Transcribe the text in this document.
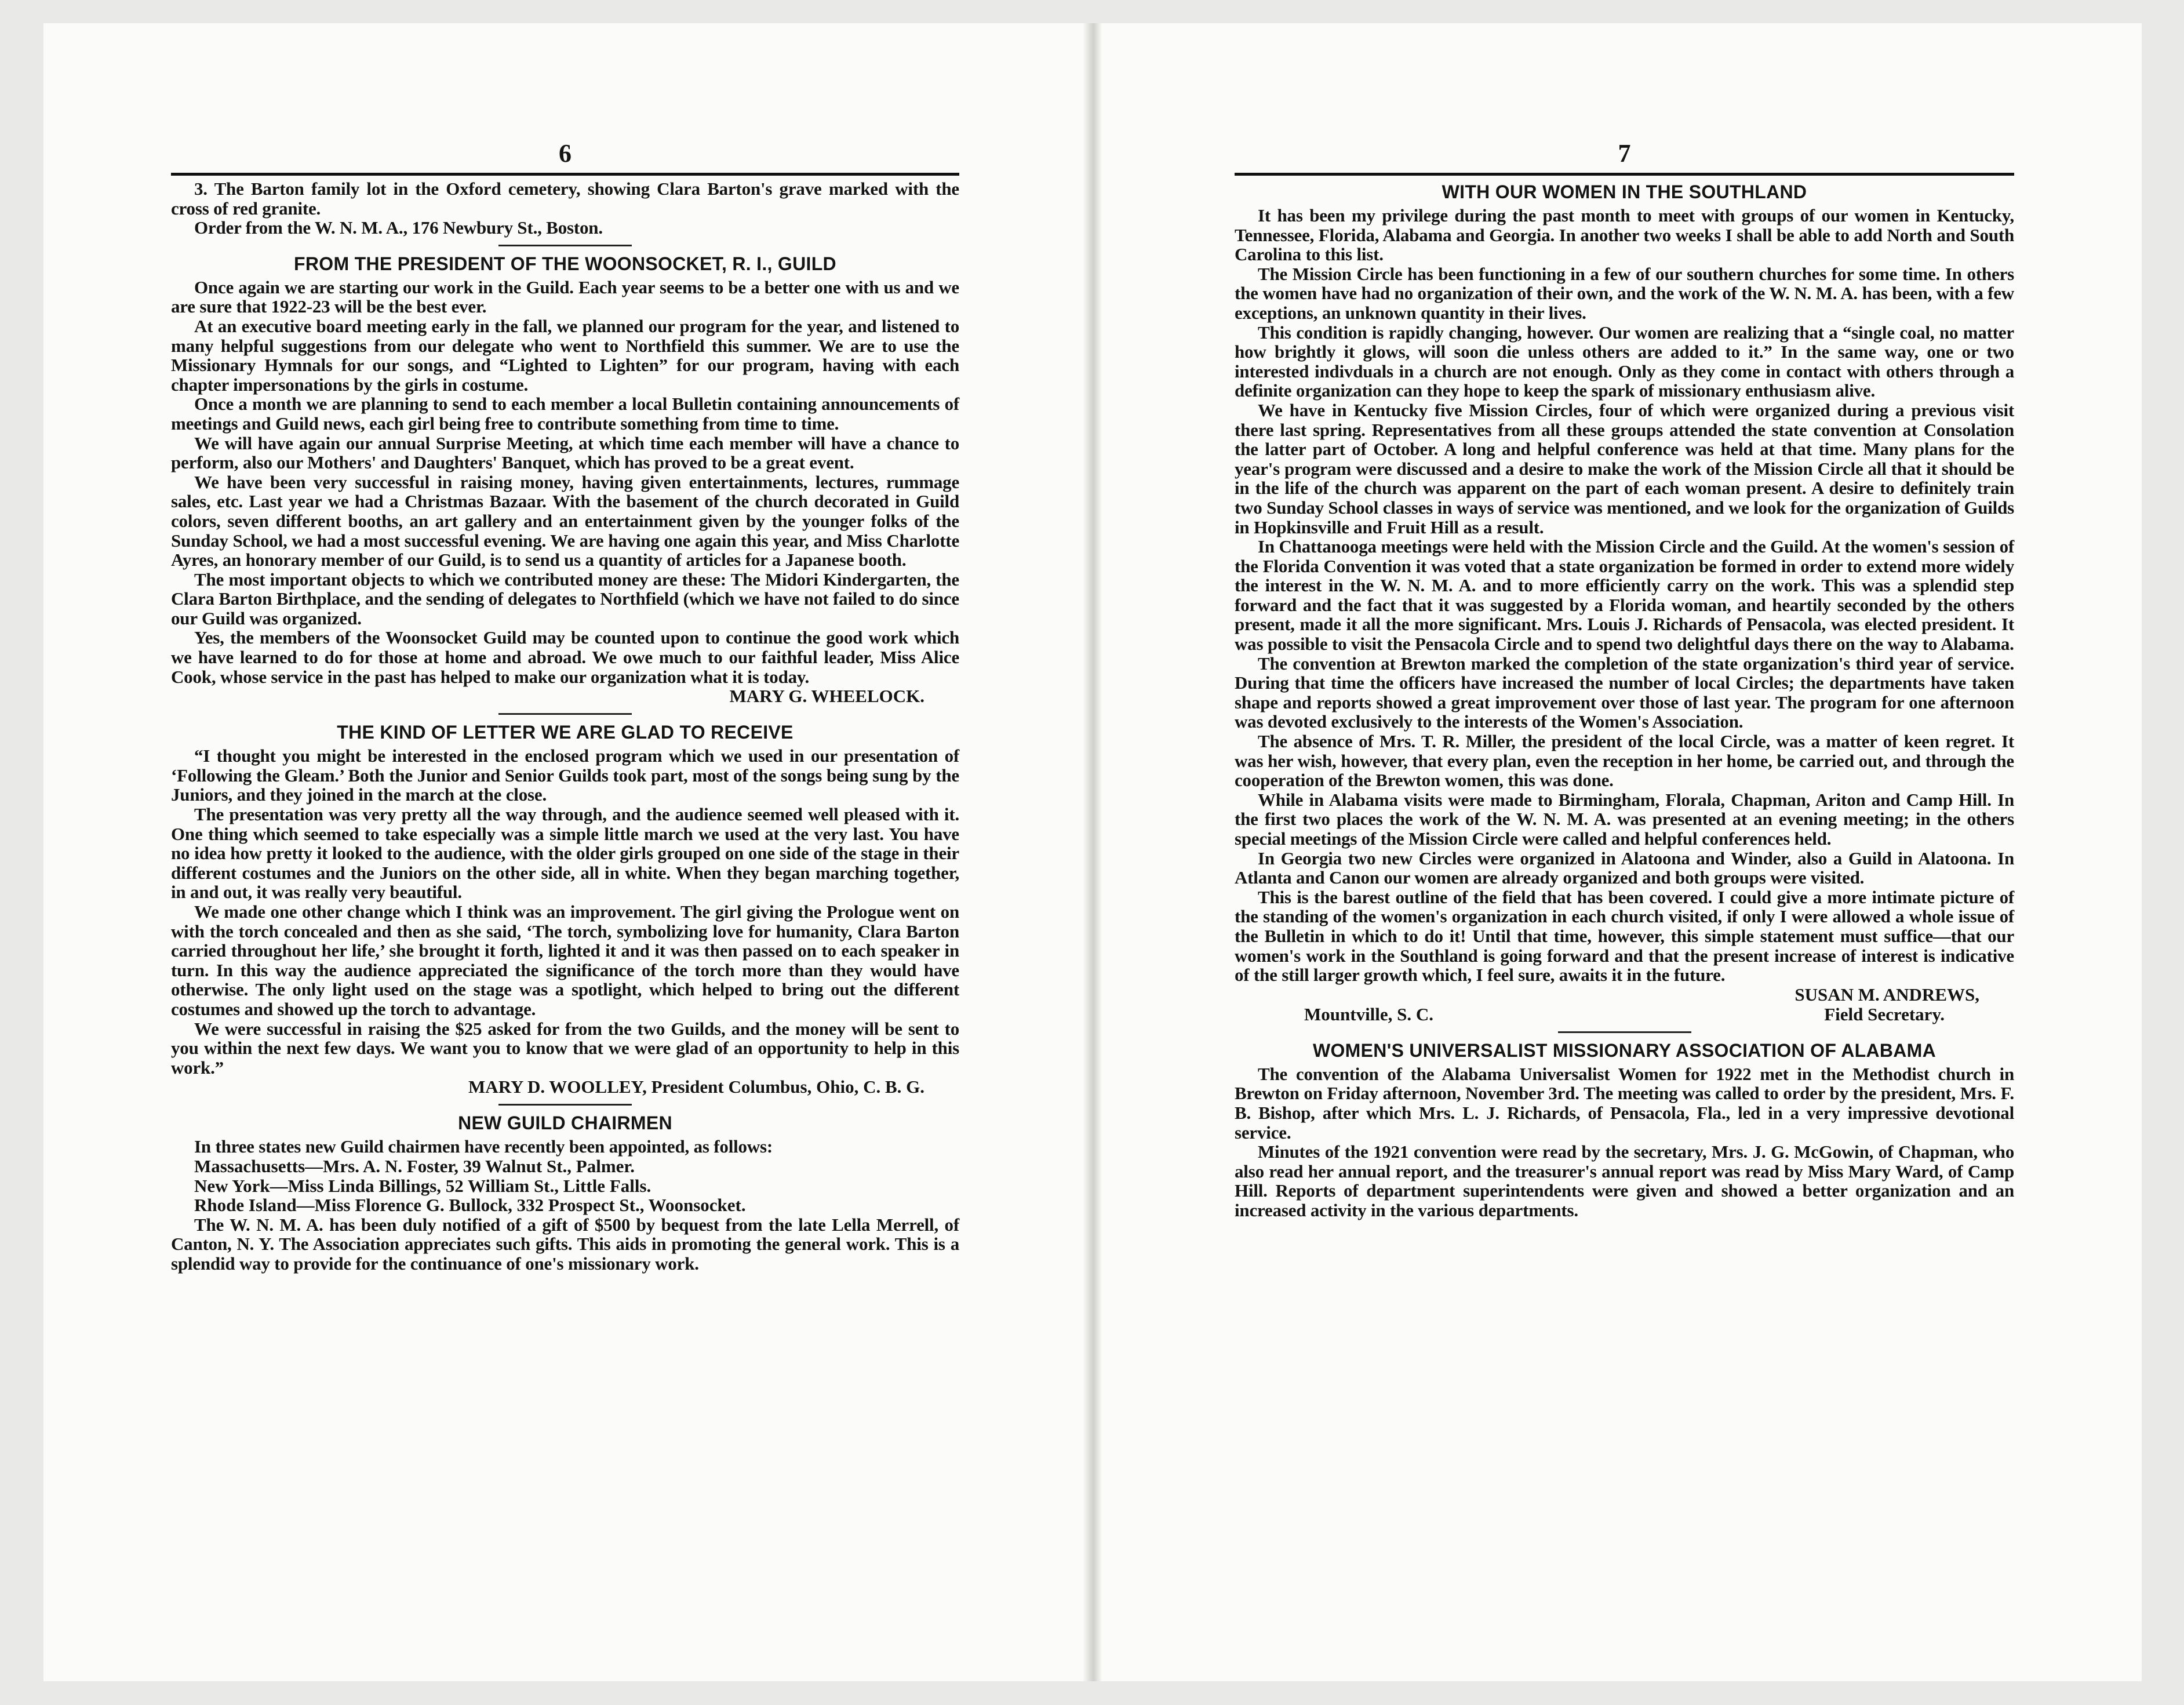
6

3. The Barton family lot in the Oxford cemetery, showing Clara Barton's grave marked with the cross of red granite.

Order from the W. N. M. A., 176 Newbury St., Boston.

FROM THE PRESIDENT OF THE WOONSOCKET, R. I., GUILD

Once again we are starting our work in the Guild. Each year seems to be a better one with us and we are sure that 1922-23 will be the best ever.

At an executive board meeting early in the fall, we planned our program for the year, and listened to many helpful suggestions from our delegate who went to Northfield this summer. We are to use the Missionary Hymnals for our songs, and “Lighted to Lighten” for our program, having with each chapter impersonations by the girls in costume.

Once a month we are planning to send to each member a local Bulletin containing announcements of meetings and Guild news, each girl being free to contribute something from time to time.

We will have again our annual Surprise Meeting, at which time each member will have a chance to perform, also our Mothers' and Daughters' Banquet, which has proved to be a great event.

We have been very successful in raising money, having given entertainments, lectures, rummage sales, etc. Last year we had a Christmas Bazaar. With the basement of the church decorated in Guild colors, seven different booths, an art gallery and an entertainment given by the younger folks of the Sunday School, we had a most successful evening. We are having one again this year, and Miss Charlotte Ayres, an honorary member of our Guild, is to send us a quantity of articles for a Japanese booth.

The most important objects to which we contributed money are these: The Midori Kindergarten, the Clara Barton Birthplace, and the sending of delegates to Northfield (which we have not failed to do since our Guild was organized.

Yes, the members of the Woonsocket Guild may be counted upon to continue the good work which we have learned to do for those at home and abroad. We owe much to our faithful leader, Miss Alice Cook, whose service in the past has helped to make our organization what it is today.

MARY G. WHEELOCK.
THE KIND OF LETTER WE ARE GLAD TO RECEIVE

“I thought you might be interested in the enclosed program which we used in our presentation of ‘Following the Gleam.’ Both the Junior and Senior Guilds took part, most of the songs being sung by the Juniors, and they joined in the march at the close.

The presentation was very pretty all the way through, and the audience seemed well pleased with it. One thing which seemed to take especially was a simple little march we used at the very last. You have no idea how pretty it looked to the audience, with the older girls grouped on one side of the stage in their different costumes and the Juniors on the other side, all in white. When they began marching together, in and out, it was really very beautiful.

We made one other change which I think was an improvement. The girl giving the Prologue went on with the torch concealed and then as she said, ‘The torch, symbolizing love for humanity, Clara Barton carried throughout her life,’ she brought it forth, lighted it and it was then passed on to each speaker in turn. In this way the audience appreciated the significance of the torch more than they would have otherwise. The only light used on the stage was a spotlight, which helped to bring out the different costumes and showed up the torch to advantage.

We were successful in raising the $25 asked for from the two Guilds, and the money will be sent to you within the next few days. We want you to know that we were glad of an opportunity to help in this work.”

MARY D. WOOLLEY, President Columbus, Ohio, C. B. G.
NEW GUILD CHAIRMEN

In three states new Guild chairmen have recently been appointed, as follows:

Massachusetts—Mrs. A. N. Foster, 39 Walnut St., Palmer.

New York—Miss Linda Billings, 52 William St., Little Falls.

Rhode Island—Miss Florence G. Bullock, 332 Prospect St., Woonsocket.

The W. N. M. A. has been duly notified of a gift of $500 by bequest from the late Lella Merrell, of Canton, N. Y. The Association appreciates such gifts. This aids in promoting the general work. This is a splendid way to provide for the continuance of one's missionary work.

7
WITH OUR WOMEN IN THE SOUTHLAND

It has been my privilege during the past month to meet with groups of our women in Kentucky, Tennessee, Florida, Alabama and Georgia. In another two weeks I shall be able to add North and South Carolina to this list.

The Mission Circle has been functioning in a few of our southern churches for some time. In others the women have had no organization of their own, and the work of the W. N. M. A. has been, with a few exceptions, an unknown quantity in their lives.

This condition is rapidly changing, however. Our women are realizing that a “single coal, no matter how brightly it glows, will soon die unless others are added to it.” In the same way, one or two interested indivduals in a church are not enough. Only as they come in contact with others through a definite organization can they hope to keep the spark of missionary enthusiasm alive.

We have in Kentucky five Mission Circles, four of which were organized during a previous visit there last spring. Representatives from all these groups attended the state convention at Consolation the latter part of October. A long and helpful conference was held at that time. Many plans for the year's program were discussed and a desire to make the work of the Mission Circle all that it should be in the life of the church was apparent on the part of each woman present. A desire to definitely train two Sunday School classes in ways of service was mentioned, and we look for the organization of Guilds in Hopkinsville and Fruit Hill as a result.

In Chattanooga meetings were held with the Mission Circle and the Guild. At the women's session of the Florida Convention it was voted that a state organization be formed in order to extend more widely the interest in the W. N. M. A. and to more efficiently carry on the work. This was a splendid step forward and the fact that it was suggested by a Florida woman, and heartily seconded by the others present, made it all the more significant. Mrs. Louis J. Richards of Pensacola, was elected president. It was possible to visit the Pensacola Circle and to spend two delightful days there on the way to Alabama.

The convention at Brewton marked the completion of the state organization's third year of service. During that time the officers have increased the number of local Circles; the departments have taken shape and reports showed a great improvement over those of last year. The program for one afternoon was devoted exclusively to the interests of the Women's Association.

The absence of Mrs. T. R. Miller, the president of the local Circle, was a matter of keen regret. It was her wish, however, that every plan, even the reception in her home, be carried out, and through the cooperation of the Brewton women, this was done.

While in Alabama visits were made to Birmingham, Florala, Chapman, Ariton and Camp Hill. In the first two places the work of the W. N. M. A. was presented at an evening meeting; in the others special meetings of the Mission Circle were called and helpful conferences held.

In Georgia two new Circles were organized in Alatoona and Winder, also a Guild in Alatoona. In Atlanta and Canon our women are already organized and both groups were visited.

This is the barest outline of the field that has been covered. I could give a more intimate picture of the standing of the women's organization in each church visited, if only I were allowed a whole issue of the Bulletin in which to do it! Until that time, however, this simple statement must suffice—that our women's work in the Southland is going forward and that the present increase of interest is indicative of the still larger growth which, I feel sure, awaits it in the future.

SUSAN M. ANDREWS,
Mountville, S. C.	Field Secretary.
WOMEN'S UNIVERSALIST MISSIONARY ASSOCIATION OF ALABAMA

The convention of the Alabama Universalist Women for 1922 met in the Methodist church in Brewton on Friday afternoon, November 3rd. The meeting was called to order by the president, Mrs. F. B. Bishop, after which Mrs. L. J. Richards, of Pensacola, Fla., led in a very impressive devotional service.

Minutes of the 1921 convention were read by the secretary, Mrs. J. G. McGowin, of Chapman, who also read her annual report, and the treasurer's annual report was read by Miss Mary Ward, of Camp Hill. Reports of department superintendents were given and showed a better organization and an increased activity in the various departments.
